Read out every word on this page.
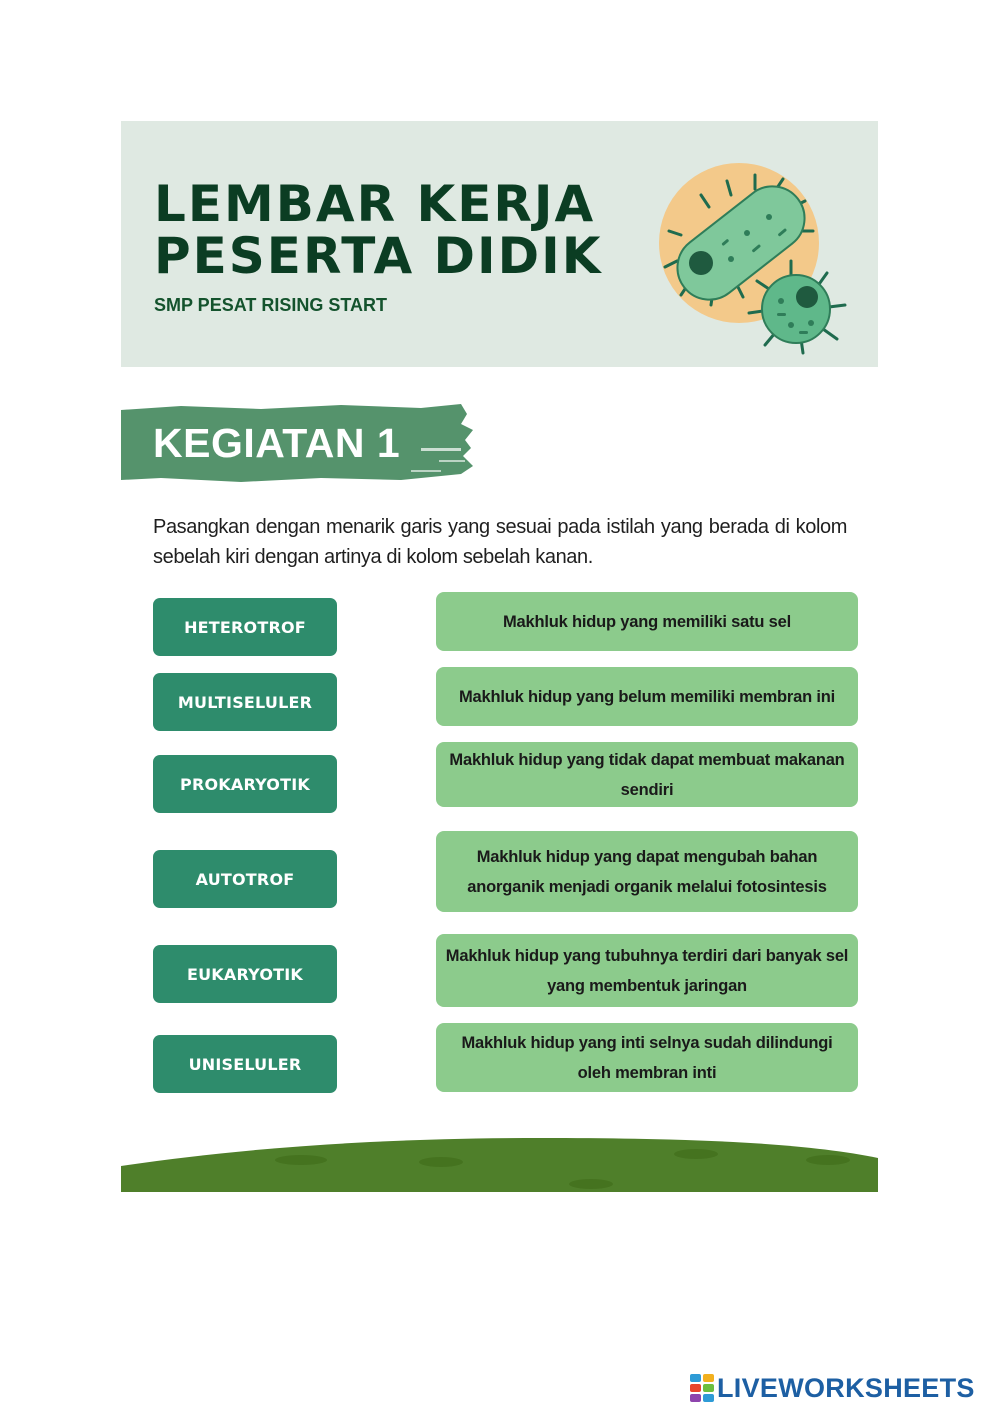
LEMBAR KERJA
PESERTA DIDIK

SMP PESAT RISING START

KEGIATAN 1

Pasangkan dengan menarik garis yang sesuai pada istilah yang berada di kolom sebelah kiri dengan artinya di kolom sebelah kanan.

HETEROTROF
MULTISELULER
PROKARYOTIK
AUTOTROF
EUKARYOTIK
UNISELULER
Makhluk hidup yang memiliki satu sel
Makhluk hidup yang belum memiliki membran ini
Makhluk hidup yang tidak dapat membuat makanan sendiri
Makhluk hidup yang dapat mengubah bahan anorganik menjadi organik melalui fotosintesis
Makhluk hidup yang tubuhnya terdiri dari banyak sel yang membentuk jaringan
Makhluk hidup yang inti selnya sudah dilindungi oleh membran inti
LIVEWORKSHEETS
